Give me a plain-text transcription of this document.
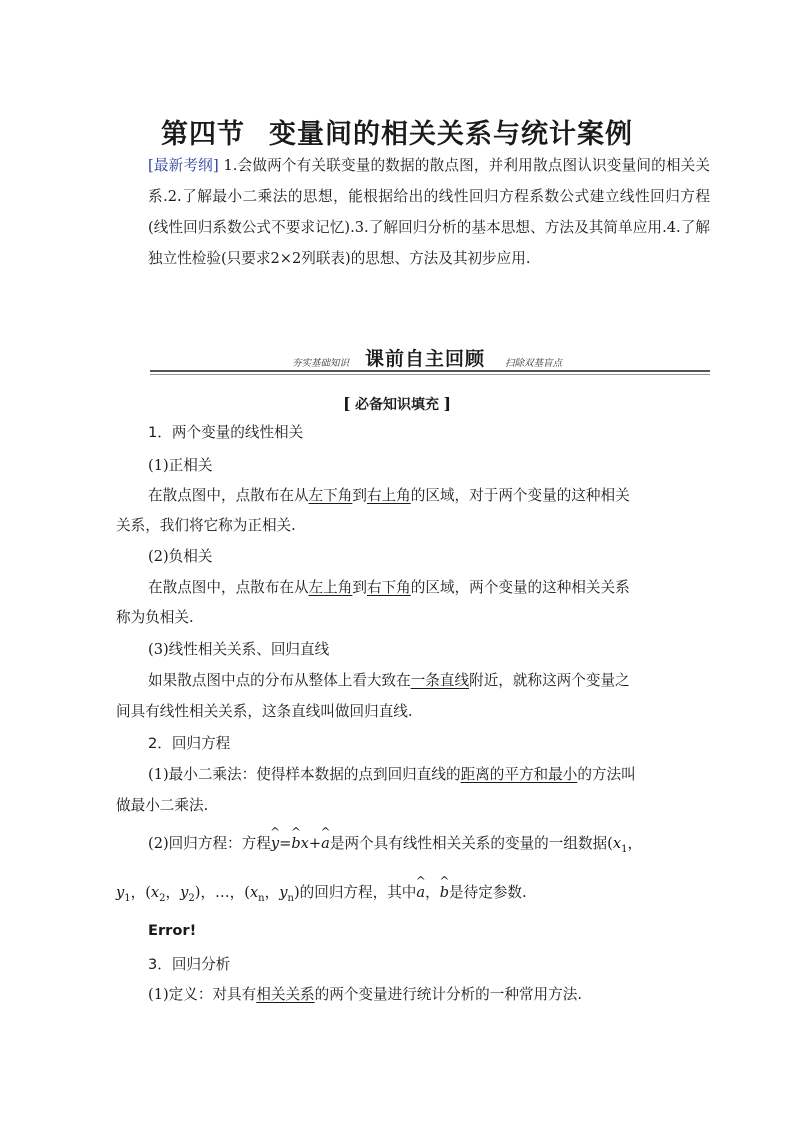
第四节 变量间的相关关系与统计案例
[最新考纲] 1.会做两个有关联变量的数据的散点图，并利用散点图认识变量间的相关关系.2.了解最小二乘法的思想，能根据给出的线性回归方程系数公式建立线性回归方程(线性回归系数公式不要求记忆).3.了解回归分析的基本思想、方法及其简单应用.4.了解独立性检验(只要求2×2列联表)的思想、方法及其初步应用.
夯实基础知识 课前自主回顾 扫除双基盲点
[ 必备知识填充 ]
1．两个变量的线性相关
(1)正相关
在散点图中，点散布在从左下角到右上角的区域，对于两个变量的这种相关
关系，我们将它称为正相关.
(2)负相关
在散点图中，点散布在从左上角到右下角的区域，两个变量的这种相关关系
称为负相关.
(3)线性相关关系、回归直线
如果散点图中点的分布从整体上看大致在一条直线附近，就称这两个变量之
间具有线性相关关系，这条直线叫做回归直线.
2．回归方程
(1)最小二乘法：使得样本数据的点到回归直线的距离的平方和最小的方法叫
做最小二乘法.
(2)回归方程：方程^ y=^ bx+^ a是两个具有线性相关关系的变量的一组数据($x_1$，
$y_1$，($x_2$，$y_2$)，…，($x_n$，$y_n$)的回归方程，其中^ a，^ b是待定参数.
Error!
3．回归分析
(1)定义：对具有相关关系的两个变量进行统计分析的一种常用方法.
